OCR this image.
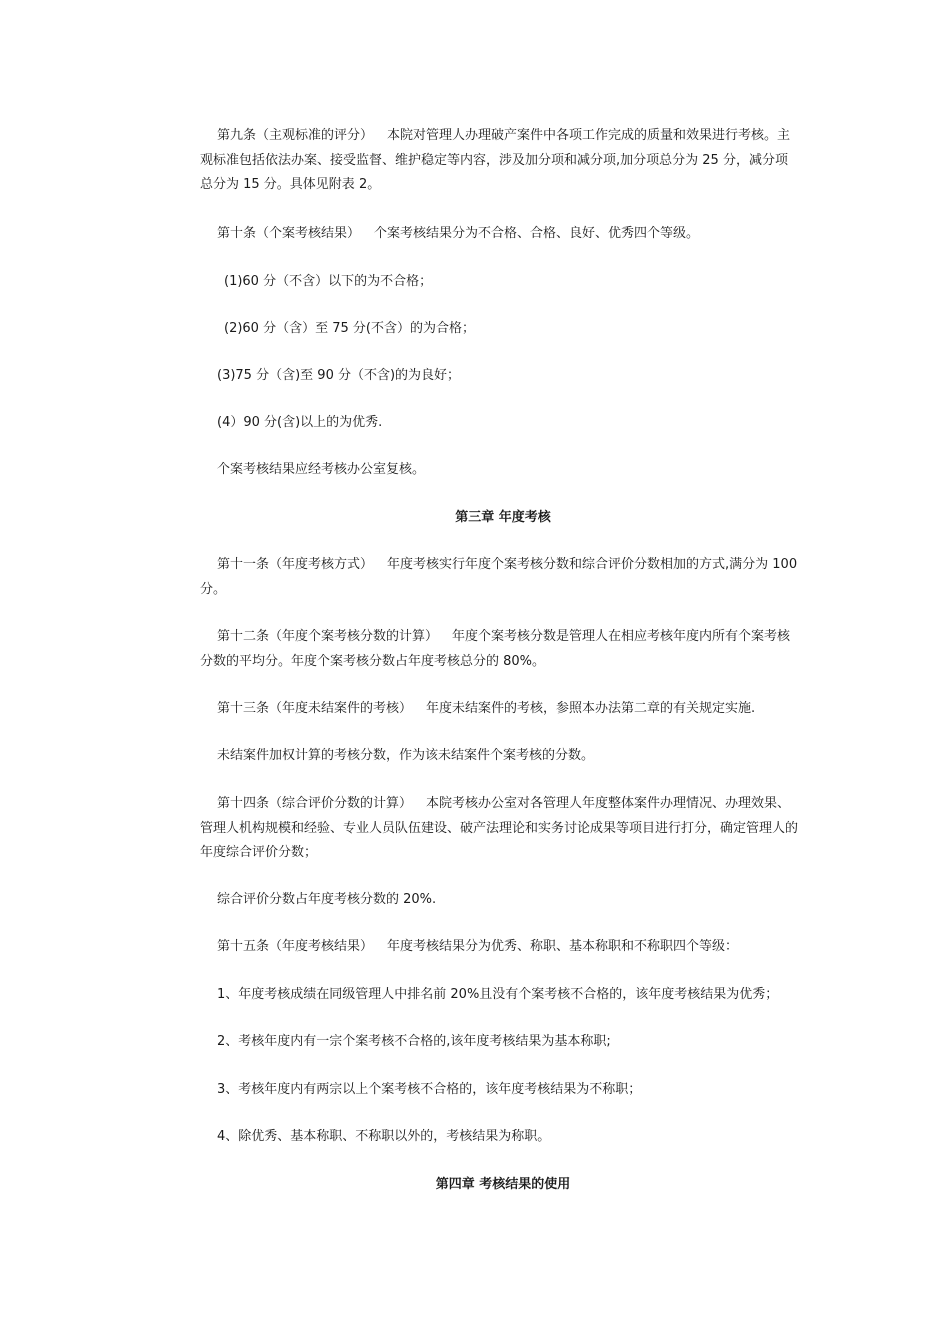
第九条（主观标准的评分） 本院对管理人办理破产案件中各项工作完成的质量和效果进行考核。主观标准包括依法办案、接受监督、维护稳定等内容，涉及加分项和减分项,加分项总分为 25 分，减分项总分为 15 分。具体见附表 2。

第十条（个案考核结果） 个案考核结果分为不合格、合格、良好、优秀四个等级。

(1)60 分（不含）以下的为不合格；

(2)60 分（含）至 75 分(不含）的为合格；

(3)75 分（含)至 90 分（不含)的为良好；

(4）90 分(含)以上的为优秀.

个案考核结果应经考核办公室复核。

第三章 年度考核

第十一条（年度考核方式） 年度考核实行年度个案考核分数和综合评价分数相加的方式,满分为 100 分。

第十二条（年度个案考核分数的计算） 年度个案考核分数是管理人在相应考核年度内所有个案考核分数的平均分。年度个案考核分数占年度考核总分的 80%。

第十三条（年度未结案件的考核） 年度未结案件的考核，参照本办法第二章的有关规定实施.

未结案件加权计算的考核分数，作为该未结案件个案考核的分数。

第十四条（综合评价分数的计算） 本院考核办公室对各管理人年度整体案件办理情况、办理效果、管理人机构规模和经验、专业人员队伍建设、破产法理论和实务讨论成果等项目进行打分，确定管理人的年度综合评价分数；

综合评价分数占年度考核分数的 20%.

第十五条（年度考核结果） 年度考核结果分为优秀、称职、基本称职和不称职四个等级：

1、年度考核成绩在同级管理人中排名前 20%且没有个案考核不合格的，该年度考核结果为优秀；

2、考核年度内有一宗个案考核不合格的,该年度考核结果为基本称职;

3、考核年度内有两宗以上个案考核不合格的，该年度考核结果为不称职；

4、除优秀、基本称职、不称职以外的，考核结果为称职。

第四章 考核结果的使用
